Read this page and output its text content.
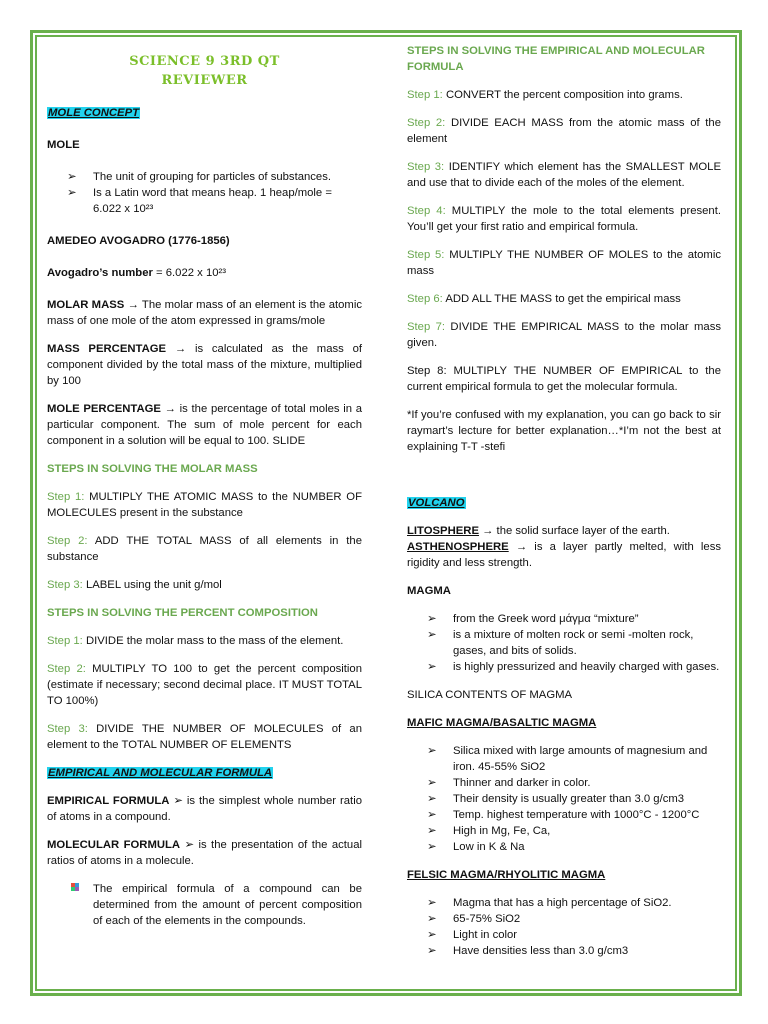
SCIENCE 9 3RD QT
REVIEWER

MOLE CONCEPT

MOLE

➢ The unit of grouping for particles of substances.
➢ Is a Latin word that means heap. 1 heap/mole = 6.022 x 10²³

AMEDEO AVOGADRO (1776-1856)

Avogadro’s number = 6.022 x 10²³

MOLAR MASS → The molar mass of an element is the atomic mass of one mole of the atom expressed in grams/mole

MASS PERCENTAGE → is calculated as the mass of component divided by the total mass of the mixture, multiplied by 100

MOLE PERCENTAGE → is the percentage of total moles in a particular component. The sum of mole percent for each component in a solution will be equal to 100. SLIDE

STEPS IN SOLVING THE MOLAR MASS

Step 1: MULTIPLY THE ATOMIC MASS to the NUMBER OF MOLECULES present in the substance

Step 2: ADD THE TOTAL MASS of all elements in the substance

Step 3: LABEL using the unit g/mol

STEPS IN SOLVING THE PERCENT COMPOSITION

Step 1: DIVIDE the molar mass to the mass of the element.

Step 2: MULTIPLY TO 100 to get the percent composition (estimate if necessary; second decimal place. IT MUST TOTAL TO 100%)

Step 3: DIVIDE THE NUMBER OF MOLECULES of an element to the TOTAL NUMBER OF ELEMENTS

EMPIRICAL AND MOLECULAR FORMULA

EMPIRICAL FORMULA ➢ is the simplest whole number ratio of atoms in a compound.

MOLECULAR FORMULA ➢ is the presentation of the actual ratios of atoms in a molecule.

The empirical formula of a compound can be determined from the amount of percent composition of each of the elements in the compounds.

STEPS IN SOLVING THE EMPIRICAL AND MOLECULAR FORMULA

Step 1: CONVERT the percent composition into grams.

Step 2: DIVIDE EACH MASS from the atomic mass of the element

Step 3: IDENTIFY which element has the SMALLEST MOLE and use that to divide each of the moles of the element.

Step 4: MULTIPLY the mole to the total elements present. You’ll get your first ratio and empirical formula.

Step 5: MULTIPLY THE NUMBER OF MOLES to the atomic mass

Step 6: ADD ALL THE MASS to get the empirical mass

Step 7: DIVIDE THE EMPIRICAL MASS to the molar mass given.

Step 8: MULTIPLY THE NUMBER OF EMPIRICAL to the current empirical formula to get the molecular formula.

*If you’re confused with my explanation, you can go back to sir raymart’s lecture for better explanation…*I’m not the best at explaining T-T -stefi

VOLCANO

LITOSPHERE → the solid surface layer of the earth.

ASTHENOSPHERE → is a layer partly melted, with less rigidity and less strength.

MAGMA

➢ from the Greek word μάγμα “mixture”
➢ is a mixture of molten rock or semi -molten rock, gases, and bits of solids.
➢ is highly pressurized and heavily charged with gases.

SILICA CONTENTS OF MAGMA

MAFIC MAGMA/BASALTIC MAGMA

➢ Silica mixed with large amounts of magnesium and iron. 45-55% SiO2
➢ Thinner and darker in color.
➢ Their density is usually greater than 3.0 g/cm3
➢ Temp. highest temperature with 1000°C - 1200°C
➢ High in Mg, Fe, Ca,
➢ Low in K & Na

FELSIC MAGMA/RHYOLITIC MAGMA

➢ Magma that has a high percentage of SiO2.
➢ 65-75% SiO2
➢ Light in color
➢ Have densities less than 3.0 g/cm3
